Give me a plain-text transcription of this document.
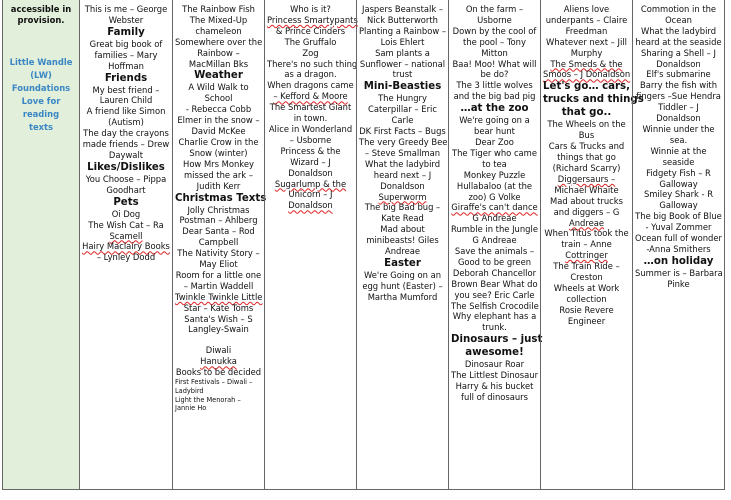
accessible in
provision.
Little Wandle
(LW)
Foundations
Love for reading
texts
This is me – George
Webster
Family
Great big book of
families – Mary
Hoffman
Friends
My best friend –
Lauren Child
A friend like Simon
(Autism)
The day the crayons
made friends – Drew
Daywalt
Likes/Dislikes
You Choose – Pippa
Goodhart
Pets
Oi Dog
The Wish Cat – Ra
Scamell
Hairy Maclairy Books
– Lynley Dodd
The Rainbow Fish
The Mixed-Up
chameleon
Somewhere over the
Rainbow –
MacMillan Bks
Weather
A Wild Walk to
School
- Rebecca Cobb
Elmer in the snow –
David McKee
Charlie Crow in the
Snow (winter)
How Mrs Monkey
missed the ark –
Judith Kerr
Christmas Texts
Jolly Christmas
Postman – Ahlberg
Dear Santa – Rod
Campbell
The Nativity Story –
May Eliot
Room for a little one
– Martin Waddell
Twinkle Twinkle Little
Star – Kate Toms
Santa's Wish – S
Langley-Swain
Diwali
Hanukka
Books to be decided
First Festivals – Diwali –
Ladybird
Light the Menorah –
Jannie Ho
Who is it?
Princess Smartypants
& Prince Cinders
The Gruffalo
Zog
There's no such thing
as a dragon.
When dragons came
– Kefford & Moore
The Smartest Giant
in town.
Alice in Wonderland
– Usborne
Princess & the
Wizard – J
Donaldson
Sugarlump & the
Unicorn – J
Donaldson
Jaspers Beanstalk –
Nick Butterworth
Planting a Rainbow –
Lois Ehlert
Sam plants a
Sunflower – national
trust
Mini-Beasties
The Hungry
Caterpillar – Eric
Carle
DK First Facts – Bugs
The very Greedy Bee
– Steve Smallman
What the ladybird
heard next – J
Donaldson
Superworm
The big Bad bug –
Kate Read
Mad about
minibeasts! Giles
Andreae
Easter
We're Going on an
egg hunt (Easter) –
Martha Mumford
On the farm –
Usborne
Down by the cool of
the pool – Tony
Mitton
Baa! Moo! What will
be do?
The 3 little wolves
and the big bad pig
…at the zoo
We're going on a
bear hunt
Dear Zoo
The Tiger who came
to tea
Monkey Puzzle
Hullabaloo (at the
zoo) G Volke
Giraffe's can't dance
G Andreae
Rumble in the Jungle
G Andreae
Save the animals –
Good to be green
Deborah Chancellor
Brown Bear What do
you see? Eric Carle
The Selfish Crocodile
Why elephant has a
trunk.
Dinosaurs – just
awesome!
Dinosaur Roar
The Littlest Dinosaur
Harry & his bucket
full of dinosaurs
Aliens love
underpants – Claire
Freedman
Whatever next – Jill
Murphy
The Smeds & the
Smoos – J Donaldson
Let's go… cars,
trucks and things
that go..
The Wheels on the
Bus
Cars & Trucks and
things that go
(Richard Scarry)
Diggersaurs –
Michael Whaite
Mad about trucks
and diggers – G
Andreae
When Titus took the
train – Anne
Cottringer
The Train Ride –
Creston
Wheels at Work
collection
Rosie Revere
Engineer
Commotion in the
Ocean
What the ladybird
heard at the seaside
Sharing a Shell – J
Donaldson
Elf's submarine
Barry the fish with
fingers –Sue Hendra
Tiddler – J
Donaldson
Winnie under the
sea.
Winnie at the
seaside
Fidgety Fish – R
Galloway
Smiley Shark - R
Galloway
The big Book of Blue
- Yuval Zommer
Ocean full of wonder
-Anna Smithers
…on holiday
Summer is – Barbara
Pinke
